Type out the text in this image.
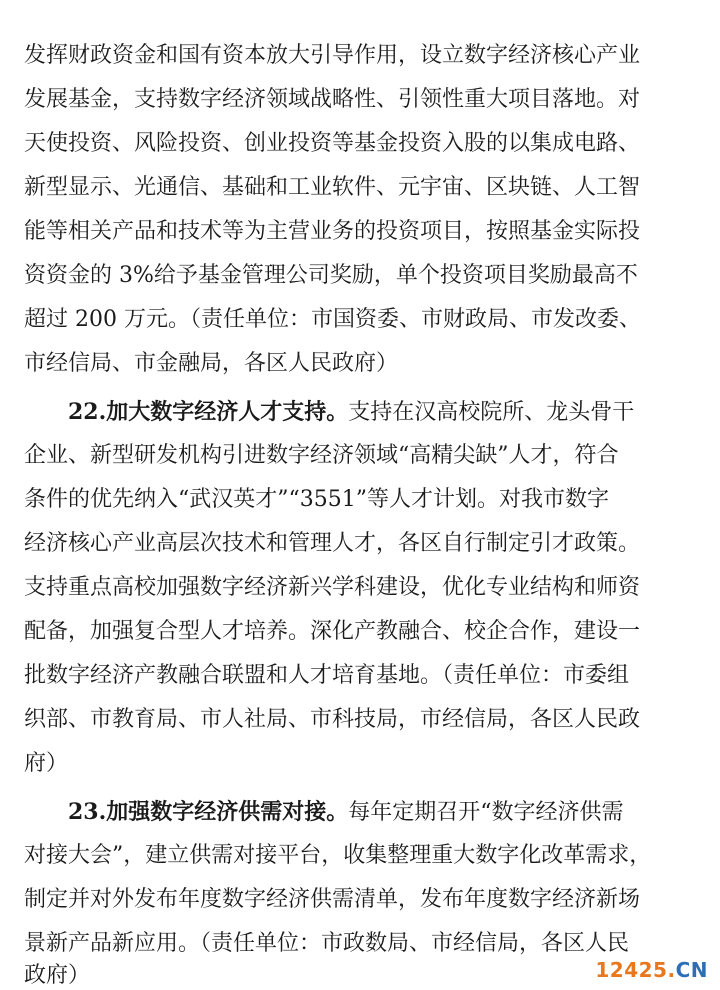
发挥财政资金和国有资本放大引导作用，设立数字经济核心产业
发展基金，支持数字经济领域战略性、引领性重大项目落地。对
天使投资、风险投资、创业投资等基金投资入股的以集成电路、
新型显示、光通信、基础和工业软件、元宇宙、区块链、人工智
能等相关产品和技术等为主营业务的投资项目，按照基金实际投
资资金的 3%给予基金管理公司奖励，单个投资项目奖励最高不
超过 200 万元。（责任单位：市国资委、市财政局、市发改委、
市经信局、市金融局，各区人民政府）
22.加大数字经济人才支持。支持在汉高校院所、龙头骨干
企业、新型研发机构引进数字经济领域“高精尖缺”人才，符合
条件的优先纳入“武汉英才”“3551”等人才计划。对我市数字
经济核心产业高层次技术和管理人才，各区自行制定引才政策。
支持重点高校加强数字经济新兴学科建设，优化专业结构和师资
配备，加强复合型人才培养。深化产教融合、校企合作，建设一
批数字经济产教融合联盟和人才培育基地。（责任单位：市委组
织部、市教育局、市人社局、市科技局，市经信局，各区人民政
府）
23.加强数字经济供需对接。每年定期召开“数字经济供需
对接大会”，建立供需对接平台，收集整理重大数字化改革需求，
制定并对外发布年度数字经济供需清单，发布年度数字经济新场
景新产品新应用。（责任单位：市政数局、市经信局，各区人民
政府）	12425.CN
